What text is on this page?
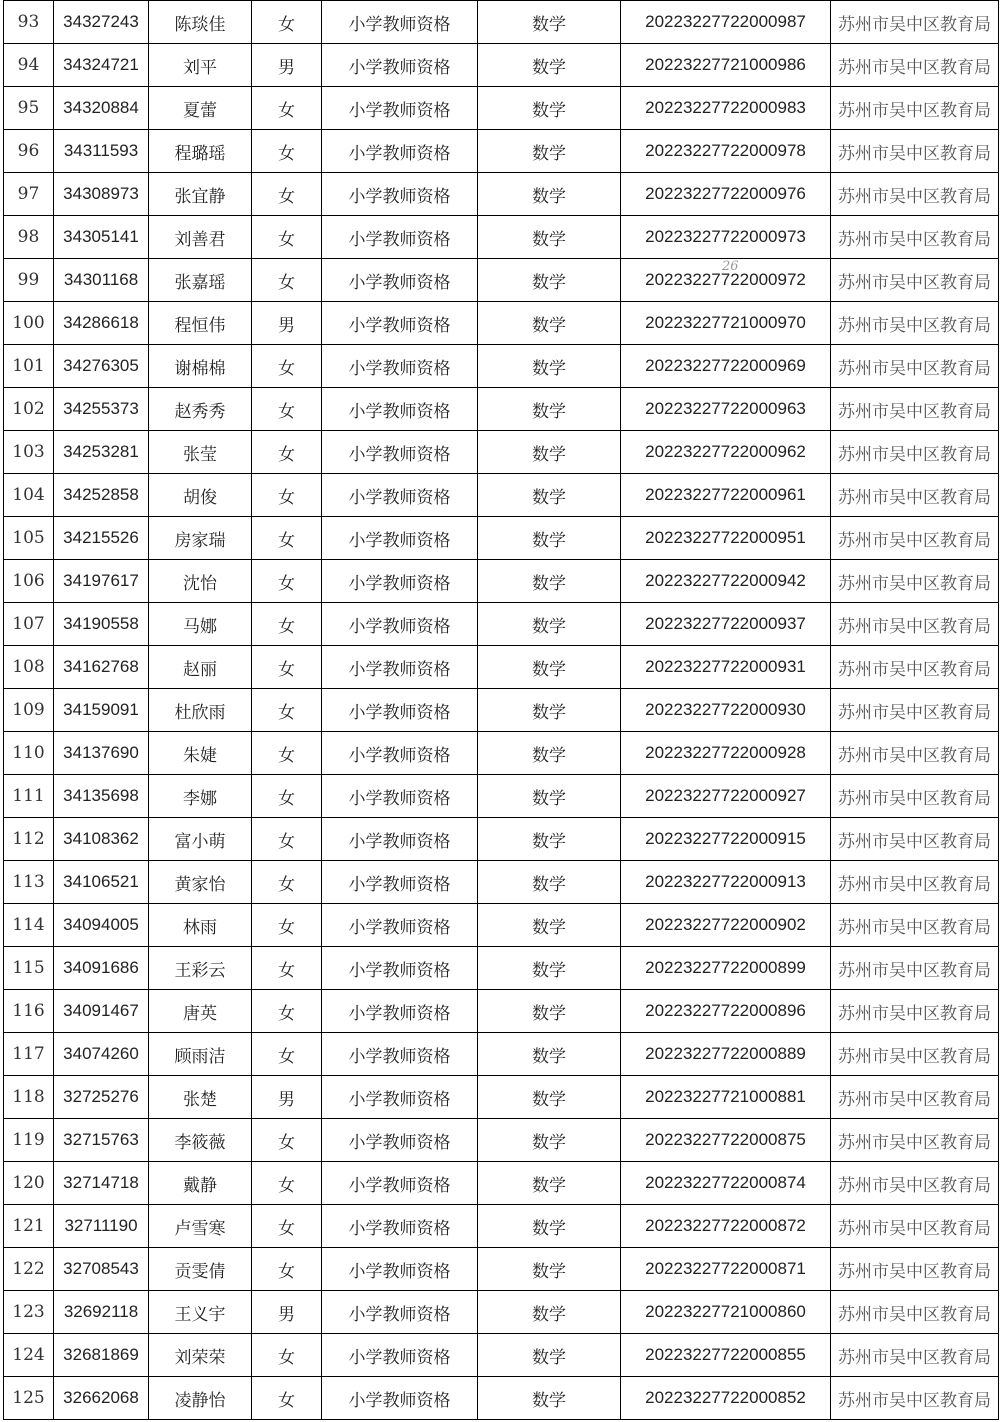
93	34327243	陈琰佳	女	小学教师资格	数学	20223227722000987	苏州市吴中区教育局
94	34324721	刘平	男	小学教师资格	数学	20223227721000986	苏州市吴中区教育局
95	34320884	夏蕾	女	小学教师资格	数学	20223227722000983	苏州市吴中区教育局
96	34311593	程璐瑶	女	小学教师资格	数学	20223227722000978	苏州市吴中区教育局
97	34308973	张宜静	女	小学教师资格	数学	20223227722000976	苏州市吴中区教育局
98	34305141	刘善君	女	小学教师资格	数学	20223227722000973	苏州市吴中区教育局
99	34301168	张嘉瑶	女	小学教师资格	数学	20223227722000972	苏州市吴中区教育局
100	34286618	程恒伟	男	小学教师资格	数学	20223227721000970	苏州市吴中区教育局
101	34276305	谢棉棉	女	小学教师资格	数学	20223227722000969	苏州市吴中区教育局
102	34255373	赵秀秀	女	小学教师资格	数学	20223227722000963	苏州市吴中区教育局
103	34253281	张莹	女	小学教师资格	数学	20223227722000962	苏州市吴中区教育局
104	34252858	胡俊	女	小学教师资格	数学	20223227722000961	苏州市吴中区教育局
105	34215526	房家瑞	女	小学教师资格	数学	20223227722000951	苏州市吴中区教育局
106	34197617	沈怡	女	小学教师资格	数学	20223227722000942	苏州市吴中区教育局
107	34190558	马娜	女	小学教师资格	数学	20223227722000937	苏州市吴中区教育局
108	34162768	赵丽	女	小学教师资格	数学	20223227722000931	苏州市吴中区教育局
109	34159091	杜欣雨	女	小学教师资格	数学	20223227722000930	苏州市吴中区教育局
110	34137690	朱婕	女	小学教师资格	数学	20223227722000928	苏州市吴中区教育局
111	34135698	李娜	女	小学教师资格	数学	20223227722000927	苏州市吴中区教育局
112	34108362	富小萌	女	小学教师资格	数学	20223227722000915	苏州市吴中区教育局
113	34106521	黄家怡	女	小学教师资格	数学	20223227722000913	苏州市吴中区教育局
114	34094005	林雨	女	小学教师资格	数学	20223227722000902	苏州市吴中区教育局
115	34091686	王彩云	女	小学教师资格	数学	20223227722000899	苏州市吴中区教育局
116	34091467	唐英	女	小学教师资格	数学	20223227722000896	苏州市吴中区教育局
117	34074260	顾雨洁	女	小学教师资格	数学	20223227722000889	苏州市吴中区教育局
118	32725276	张楚	男	小学教师资格	数学	20223227721000881	苏州市吴中区教育局
119	32715763	李筱薇	女	小学教师资格	数学	20223227722000875	苏州市吴中区教育局
120	32714718	戴静	女	小学教师资格	数学	20223227722000874	苏州市吴中区教育局
121	32711190	卢雪寒	女	小学教师资格	数学	20223227722000872	苏州市吴中区教育局
122	32708543	贡雯倩	女	小学教师资格	数学	20223227722000871	苏州市吴中区教育局
123	32692118	王义宇	男	小学教师资格	数学	20223227721000860	苏州市吴中区教育局
124	32681869	刘荣荣	女	小学教师资格	数学	20223227722000855	苏州市吴中区教育局
125	32662068	凌静怡	女	小学教师资格	数学	20223227722000852	苏州市吴中区教育局
26
